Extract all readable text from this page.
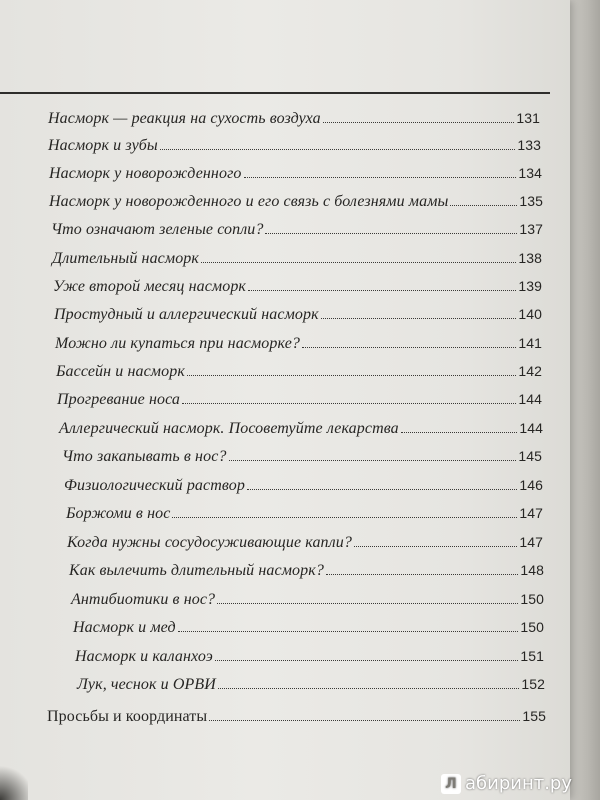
Насморк — реакция на сухость воздуха	131
Насморк и зубы	133
Насморк у новорожденного	134
Насморк у новорожденного и его связь с болезнями мамы	135
Что означают зеленые сопли?	137
Длительный насморк	138
Уже второй месяц насморк	139
Простудный и аллергический насморк	140
Можно ли купаться при насморке?	141
Бассейн и насморк	142
Прогревание носа	144
Аллергический насморк. Посоветуйте лекарства	144
Что закапывать в нос?	145
Физиологический раствор	146
Боржоми в нос	147
Когда нужны сосудосуживающие капли?	147
Как вылечить длительный насморк?	148
Антибиотики в нос?	150
Насморк и мед	150
Насморк и каланхоэ	151
Лук, чеснок и ОРВИ	152
Просьбы и координаты	155
Л абиринт.ру
